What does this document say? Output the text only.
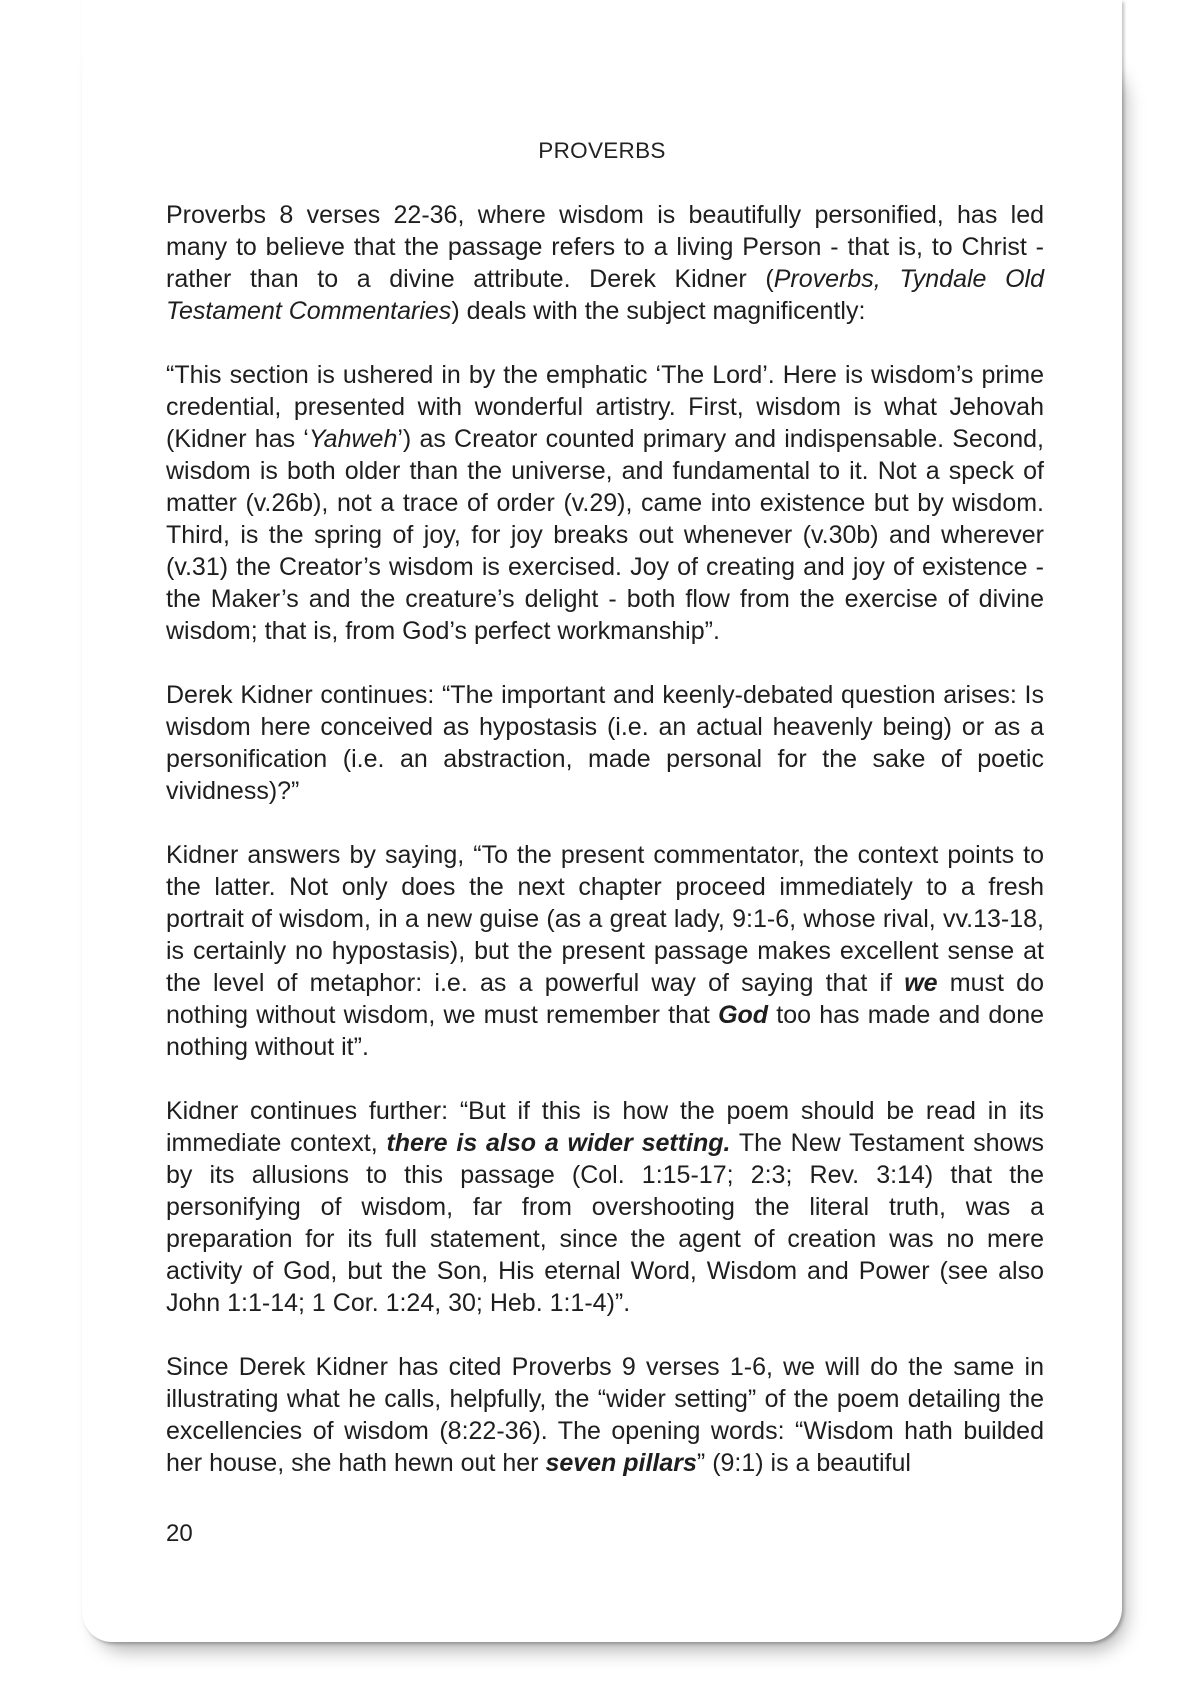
PROVERBS

Proverbs 8 verses 22-36, where wisdom is beautifully personified, has led many to believe that the passage refers to a living Person - that is, to Christ - rather than to a divine attribute. Derek Kidner (Proverbs, Tyndale Old Testament Commentaries) deals with the subject magnificently:

“This section is ushered in by the emphatic ‘The Lord’. Here is wisdom’s prime credential, presented with wonderful artistry. First, wisdom is what Jehovah (Kidner has ‘Yahweh’) as Creator counted primary and indispensable. Second, wisdom is both older than the universe, and fundamental to it. Not a speck of matter (v.26b), not a trace of order (v.29), came into existence but by wisdom. Third, is the spring of joy, for joy breaks out whenever (v.30b) and wherever (v.31) the Creator’s wisdom is exercised. Joy of creating and joy of existence - the Maker’s and the creature’s delight - both flow from the exercise of divine wisdom; that is, from God’s perfect workmanship”.

Derek Kidner continues: “The important and keenly-debated question arises: Is wisdom here conceived as hypostasis (i.e. an actual heavenly being) or as a personification (i.e. an abstraction, made personal for the sake of poetic vividness)?”

Kidner answers by saying, “To the present commentator, the context points to the latter. Not only does the next chapter proceed immediately to a fresh portrait of wisdom, in a new guise (as a great lady, 9:1-6, whose rival, vv.13-18, is certainly no hypostasis), but the present passage makes excellent sense at the level of metaphor: i.e. as a powerful way of saying that if we must do nothing without wisdom, we must remember that God too has made and done nothing without it”.

Kidner continues further: “But if this is how the poem should be read in its immediate context, there is also a wider setting. The New Testament shows by its allusions to this passage (Col. 1:15-17; 2:3; Rev. 3:14) that the personifying of wisdom, far from overshooting the literal truth, was a preparation for its full statement, since the agent of creation was no mere activity of God, but the Son, His eternal Word, Wisdom and Power (see also John 1:1-14; 1 Cor. 1:24, 30; Heb. 1:1-4)”.

Since Derek Kidner has cited Proverbs 9 verses 1-6, we will do the same in illustrating what he calls, helpfully, the “wider setting” of the poem detailing the excellencies of wisdom (8:22-36). The opening words: “Wisdom hath builded her house, she hath hewn out her seven pillars” (9:1) is a beautiful

20
